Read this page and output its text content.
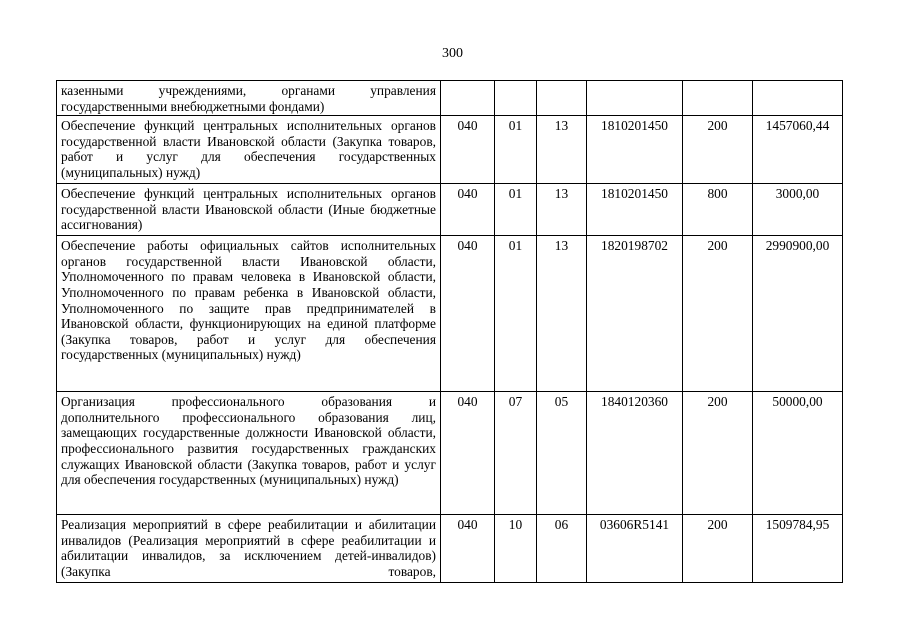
300
казенными учреждениями, органами управления государственными внебюджетными фондами)						
Обеспечение функций центральных исполнительных органов государственной власти Ивановской области (Закупка товаров, работ и услуг для обеспечения государственных (муниципальных) нужд)	040	01	13	1810201450	200	1457060,44
Обеспечение функций центральных исполнительных органов государственной власти Ивановской области (Иные бюджетные ассигнования)	040	01	13	1810201450	800	3000,00
Обеспечение работы официальных сайтов исполнительных органов государственной власти Ивановской области, Уполномоченного по правам человека в Ивановской области, Уполномоченного по правам ребенка в Ивановской области, Уполномоченного по защите прав предпринимателей в Ивановской области, функционирующих на единой платформе (Закупка товаров, работ и услуг для обеспечения государственных (муниципальных) нужд)	040	01	13	1820198702	200	2990900,00
Организация профессионального образования и дополнительного профессионального образования лиц, замещающих государственные должности Ивановской области, профессионального развития государственных гражданских служащих Ивановской области (Закупка товаров, работ и услуг для обеспечения государственных (муниципальных) нужд)	040	07	05	1840120360	200	50000,00
Реализация мероприятий в сфере реабилитации и абилитации инвалидов (Реализация мероприятий в сфере реабилитации и абилитации инвалидов, за исключением детей-инвалидов) (Закупка товаров,	040	10	06	03606R5141	200	1509784,95
